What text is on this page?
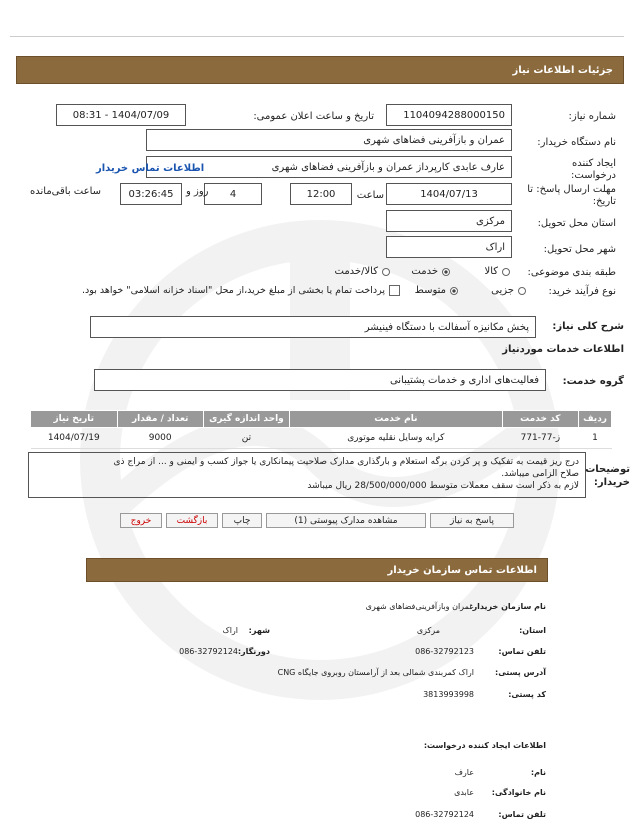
جزئیات اطلاعات نیاز
شماره نیاز:
1104094288000150
تاریخ و ساعت اعلان عمومی:
1404/07/09 - 08:31
نام دستگاه خریدار:
عمران و بازآفرینی فضاهای شهری
ایجاد کننده درخواست:
عارف عابدی کارپرداز عمران و بازآفرینی فضاهای شهری
اطلاعات تماس خریدار
مهلت ارسال پاسخ: تا تاریخ:
1404/07/13
ساعت
12:00
4
روز و
03:26:45
ساعت باقی‌مانده
استان محل تحویل:
مرکزی
شهر محل تحویل:
اراک
طبقه بندی موضوعی:
کالا
خدمت
کالا/خدمت
نوع فرآیند خرید:
جزیی
متوسط
پرداخت تمام یا بخشی از مبلغ خرید،از محل "اسناد خزانه اسلامی" خواهد بود.
شرح کلی نیاز:
پخش مکانیزه آسفالت با دستگاه فینیشر
اطلاعات خدمات موردنیاز
گروه خدمت:
فعالیت‌های اداری و خدمات پشتیبانی
ردیف	کد خدمت	نام خدمت	واحد اندازه گیری	تعداد / مقدار	تاریخ نیاز
1	ز-77-771	کرایه وسایل نقلیه موتوری	تن	9000	1404/07/19
توضیحات خریدار:
درج ریز قیمت به تفکیک و پر کردن برگه استعلام و بارگذاری مدارک صلاحیت پیمانکاری یا جواز کسب و ایمنی و ... از مراج ذی
صلاح الزامی میباشد.
لازم به ذکر است سقف معملات متوسط 28/500/000/000 ریال میباشد
پاسخ به نیاز
مشاهده مدارک پیوستی (1)
چاپ
بازگشت
خروج
اطلاعات تماس سازمان خریدار
نام سازمان خریدار:
عمران وبازآفرینی‌فضاهای شهری
استان:
مرکزی
شهر:
اراک
تلفن تماس:
086-32792123
دورنگار:
086-32792124
آدرس پستی:
اراک کمربندی شمالی بعد از آرامستان روبروی جایگاه CNG
کد پستی:
3813993998
اطلاعات ایجاد کننده درخواست:
نام:
عارف
نام خانوادگی:
عابدی
تلفن تماس:
086-32792124
